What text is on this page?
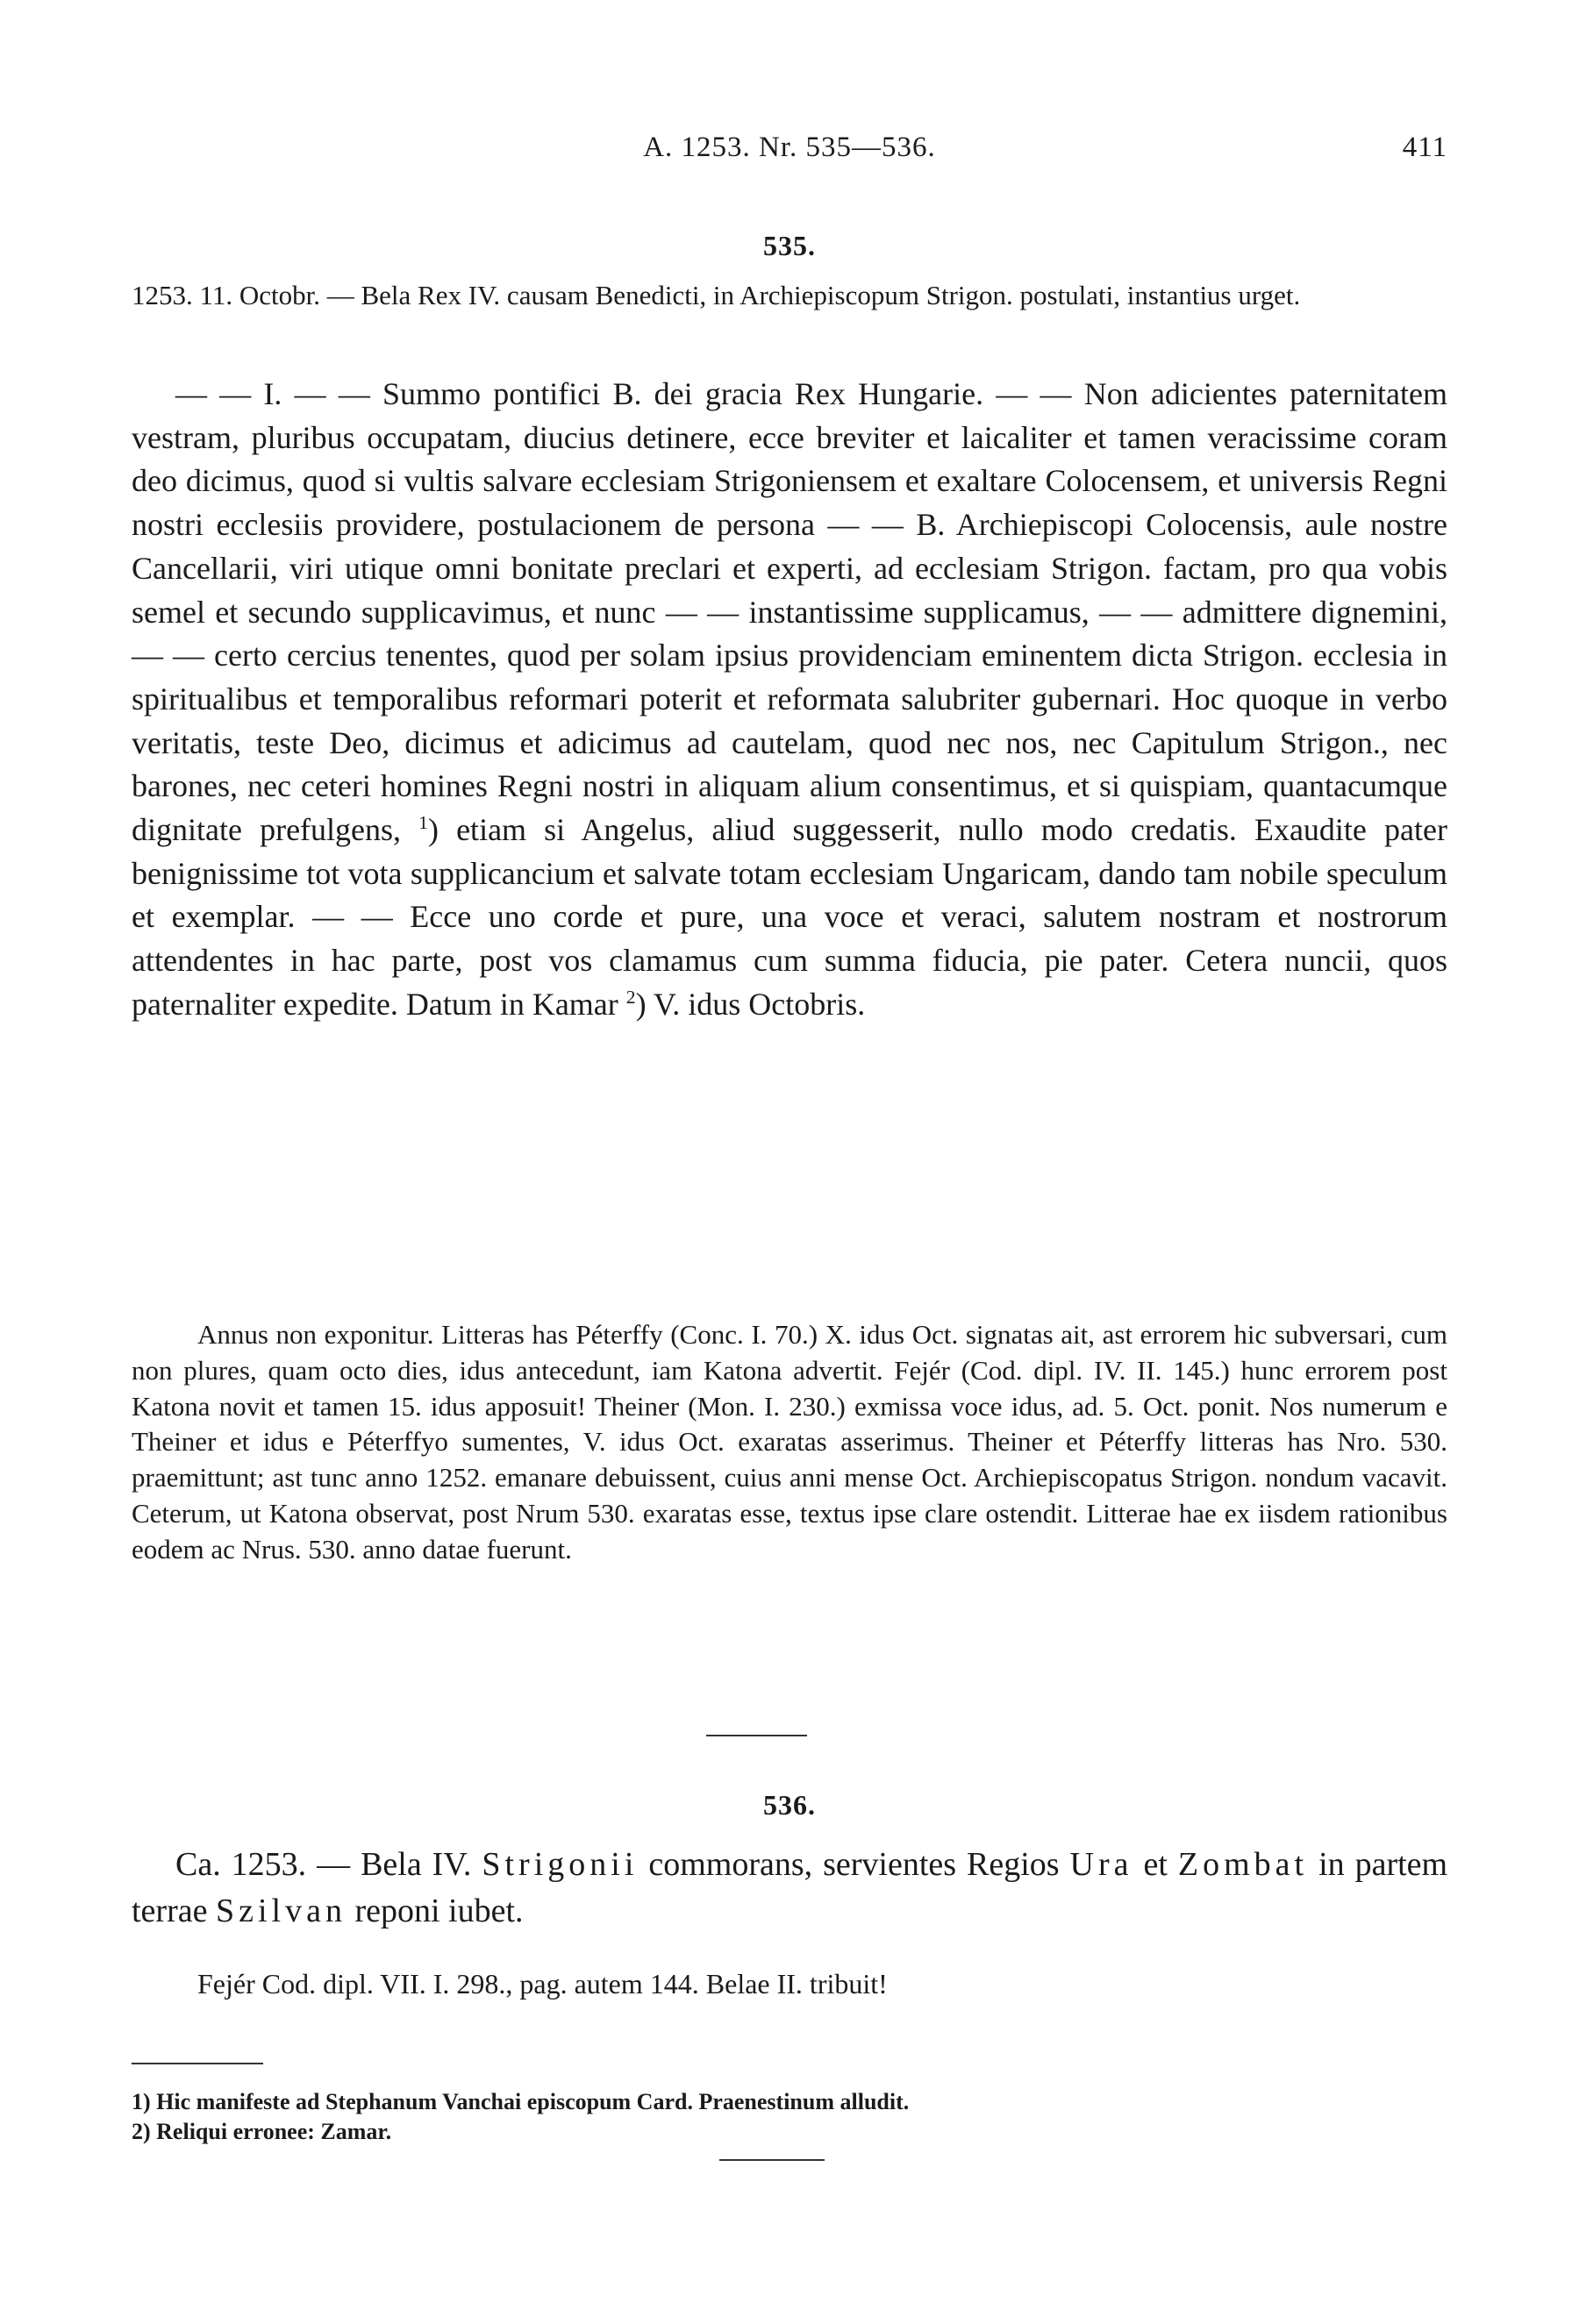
A. 1253. Nr. 535—536.	411
535.
1253. 11. Octobr. — Bela Rex IV. causam Benedicti, in Archiepiscopum Strigon. postulati, instantius urget.

— — I. — — Summo pontifici B. dei gracia Rex Hungarie. — — Non adicientes paternitatem vestram, pluribus occupatam, diucius detinere, ecce breviter et laicaliter et tamen veracissime coram deo dicimus, quod si vultis salvare ecclesiam Strigoniensem et exaltare Colocensem, et universis Regni nostri ecclesiis providere, postulacionem de persona — — B. Archiepiscopi Colocensis, aule nostre Cancellarii, viri utique omni bonitate preclari et experti, ad ecclesiam Strigon. factam, pro qua vobis semel et secundo supplicavimus, et nunc — — instantissime supplicamus, — — admittere dignemini, — — certo cercius tenentes, quod per solam ipsius providenciam eminentem dicta Strigon. ecclesia in spiritualibus et temporalibus reformari poterit et reformata salubriter gubernari. Hoc quoque in verbo veritatis, teste Deo, dicimus et adicimus ad cautelam, quod nec nos, nec Capitulum Strigon., nec barones, nec ceteri homines Regni nostri in aliquam alium consentimus, et si quispiam, quantacumque dignitate prefulgens, $^1$) etiam si Angelus, aliud suggesserit, nullo modo credatis. Exaudite pater benignissime tot vota supplicancium et salvate totam ecclesiam Ungaricam, dando tam nobile speculum et exemplar. — — Ecce uno corde et pure, una voce et veraci, salutem nostram et nostrorum attendentes in hac parte, post vos clamamus cum summa fiducia, pie pater. Cetera nuncii, quos paternaliter expedite. Datum in Kamar $^2$) V. idus Octobris.

Annus non exponitur. Litteras has Péterffy (Conc. I. 70.) X. idus Oct. signatas ait, ast errorem hic subversari, cum non plures, quam octo dies, idus antecedunt, iam Katona advertit. Fejér (Cod. dipl. IV. II. 145.) hunc errorem post Katona novit et tamen 15. idus apposuit! Theiner (Mon. I. 230.) exmissa voce idus, ad. 5. Oct. ponit. Nos numerum e Theiner et idus e Péterffyo sumentes, V. idus Oct. exaratas asserimus. Theiner et Péterffy litteras has Nro. 530. praemittunt; ast tunc anno 1252. emanare debuissent, cuius anni mense Oct. Archiepiscopatus Strigon. nondum vacavit. Ceterum, ut Katona observat, post Nrum 530. exaratas esse, textus ipse clare ostendit. Litterae hae ex iisdem rationibus eodem ac Nrus. 530. anno datae fuerunt.

536.

Ca. 1253. — Bela IV. Strigonii commorans, servientes Regios Ura et Zombat in partem terrae Szilvan reponi iubet.

Fejér Cod. dipl. VII. I. 298., pag. autem 144. Belae II. tribuit!

1) Hic manifeste ad Stephanum Vanchai episcopum Card. Praenestinum alludit.

2) Reliqui erronee: Zamar.
